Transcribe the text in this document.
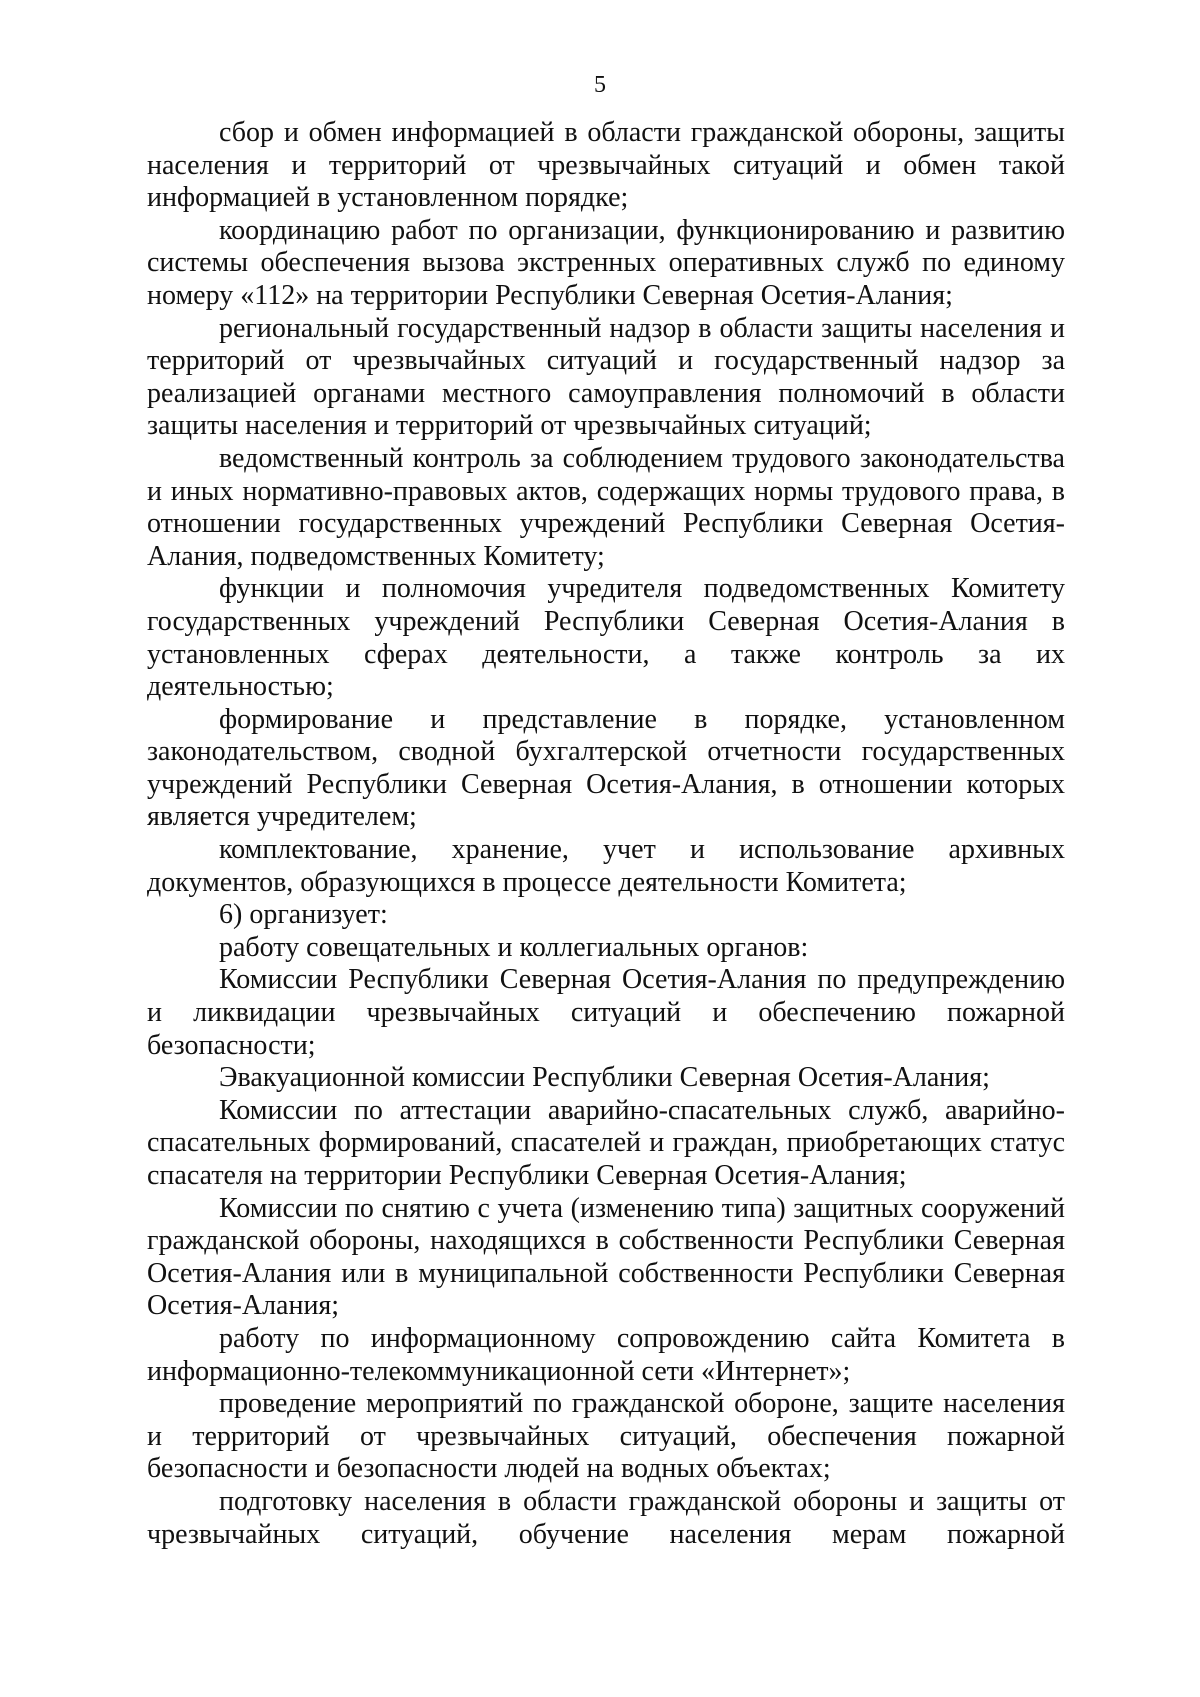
5

сбор и обмен информацией в области гражданской обороны, защиты населения и территорий от чрезвычайных ситуаций и обмен такой информацией в установленном порядке;

координацию работ по организации, функционированию и развитию системы обеспечения вызова экстренных оперативных служб по единому номеру «112» на территории Республики Северная Осетия-Алания;

региональный государственный надзор в области защиты населения и территорий от чрезвычайных ситуаций и государственный надзор за реализацией органами местного самоуправления полномочий в области защиты населения и территорий от чрезвычайных ситуаций;

ведомственный контроль за соблюдением трудового законодательства и иных нормативно-правовых актов, содержащих нормы трудового права, в отношении государственных учреждений Республики Северная Осетия-Алания, подведомственных Комитету;

функции и полномочия учредителя подведомственных Комитету государственных учреждений Республики Северная Осетия-Алания в установленных сферах деятельности, а также контроль за их деятельностью;

формирование и представление в порядке, установленном законодательством, сводной бухгалтерской отчетности государственных учреждений Республики Северная Осетия-Алания, в отношении которых является учредителем;

комплектование, хранение, учет и использование архивных документов, образующихся в процессе деятельности Комитета;

6) организует:

работу совещательных и коллегиальных органов:

Комиссии Республики Северная Осетия-Алания по предупреждению и ликвидации чрезвычайных ситуаций и обеспечению пожарной безопасности;

Эвакуационной комиссии Республики Северная Осетия-Алания;

Комиссии по аттестации аварийно-спасательных служб, аварийно-спасательных формирований, спасателей и граждан, приобретающих статус спасателя на территории Республики Северная Осетия-Алания;

Комиссии по снятию с учета (изменению типа) защитных сооружений гражданской обороны, находящихся в собственности Республики Северная Осетия-Алания или в муниципальной собственности Республики Северная Осетия-Алания;

работу по информационному сопровождению сайта Комитета в информационно-телекоммуникационной сети «Интернет»;

проведение мероприятий по гражданской обороне, защите населения и территорий от чрезвычайных ситуаций, обеспечения пожарной безопасности и безопасности людей на водных объектах;

подготовку населения в области гражданской обороны и защиты от чрезвычайных ситуаций, обучение населения мерам пожарной
